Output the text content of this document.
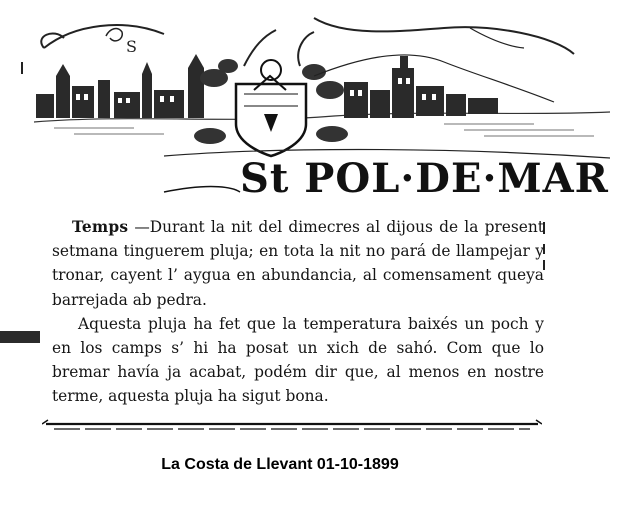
S
St POL·DE·MAR

Temps —Durant la nit del dimecres al dijous de la present setmana tinguerem pluja; en tota la nit no pará de llampejar y tronar, cayent l’ aygua en abundancia, al comensament queya barrejada ab pedra.

Aquesta pluja ha fet que la temperatura baixés un poch y en los camps s’ hi ha posat un xich de sahó. Com que lo bremar havía ja acabat, podém dir que, al menos en nostre terme, aquesta pluja ha sigut bona.

La Costa de Llevant 01-10-1899
